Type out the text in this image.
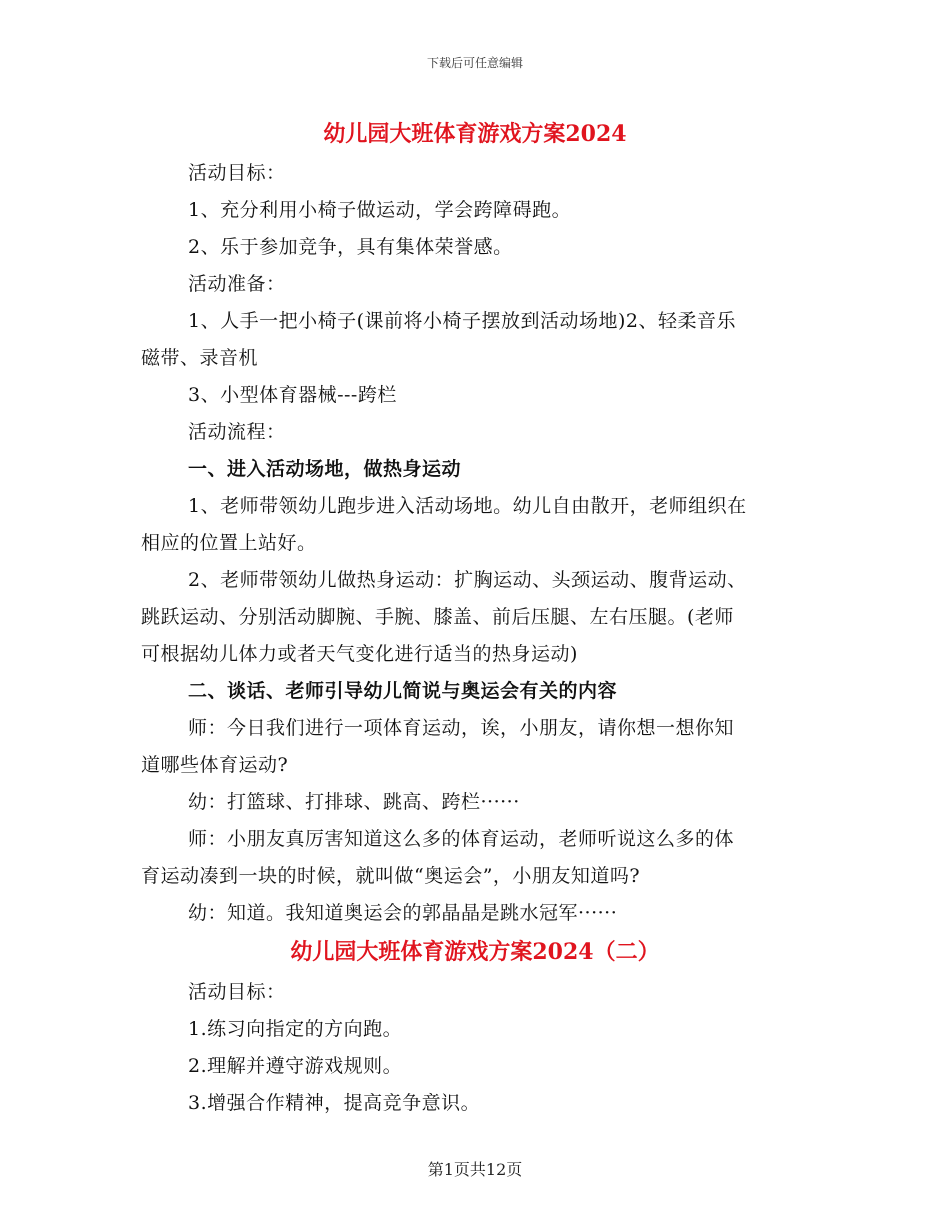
下载后可任意编辑
幼儿园大班体育游戏方案2024
活动目标：
1、充分利用小椅子做运动，学会跨障碍跑。
2、乐于参加竞争，具有集体荣誉感。
活动准备：
1、人手一把小椅子(课前将小椅子摆放到活动场地)2、轻柔音乐
磁带、录音机
3、小型体育器械---跨栏
活动流程：
一、进入活动场地，做热身运动
1、老师带领幼儿跑步进入活动场地。幼儿自由散开，老师组织在
相应的位置上站好。
2、老师带领幼儿做热身运动：扩胸运动、头颈运动、腹背运动、
跳跃运动、分别活动脚腕、手腕、膝盖、前后压腿、左右压腿。(老师
可根据幼儿体力或者天气变化进行适当的热身运动)
二、谈话、老师引导幼儿简说与奥运会有关的内容
师：今日我们进行一项体育运动，诶，小朋友，请你想一想你知
道哪些体育运动?
幼：打篮球、打排球、跳高、跨栏······
师：小朋友真厉害知道这么多的体育运动，老师听说这么多的体
育运动凑到一块的时候，就叫做“奥运会”，小朋友知道吗?
幼：知道。我知道奥运会的郭晶晶是跳水冠军······
幼儿园大班体育游戏方案2024（二）
活动目标：
1.练习向指定的方向跑。
2.理解并遵守游戏规则。
3.增强合作精神，提高竞争意识。
第1页共12页
